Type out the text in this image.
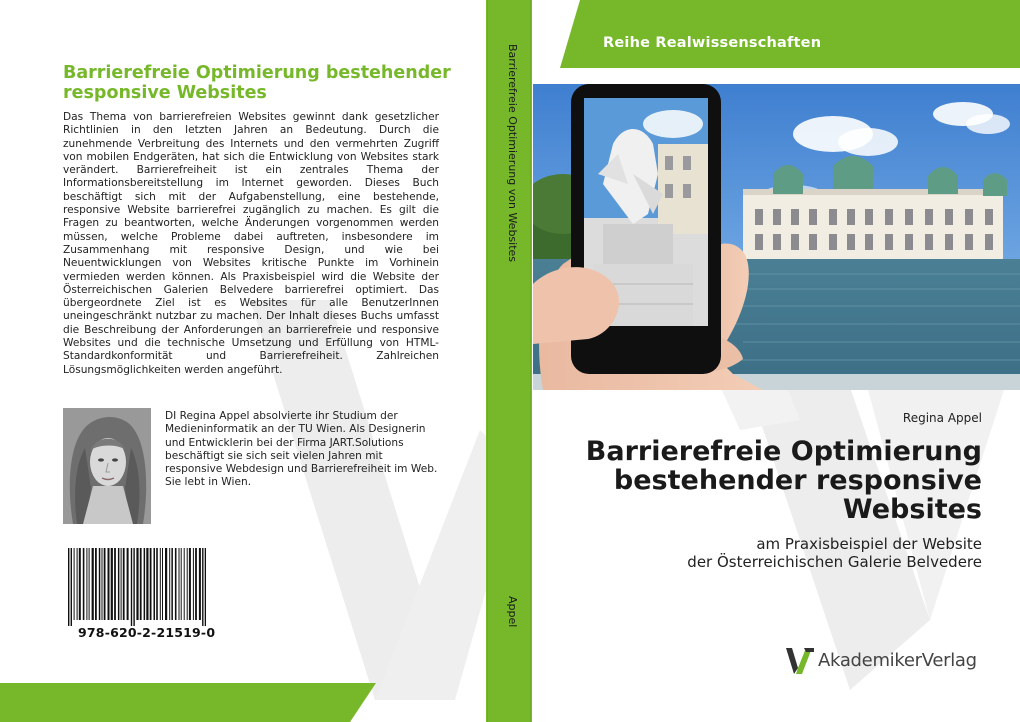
Barrierefreie Optimierung bestehender responsive Websites

Das Thema von barrierefreien Websites gewinnt dank gesetzlicher Richtlinien in den letzten Jahren an Bedeutung. Durch die zunehmende Verbreitung des Internets und den vermehrten Zugriff von mobilen Endgeräten, hat sich die Entwicklung von Websites stark verändert. Barrierefreiheit ist ein zentrales Thema der Informationsbereitstellung im Internet geworden. Dieses Buch beschäftigt sich mit der Aufgabenstellung, eine bestehende, responsive Website barrierefrei zugänglich zu machen. Es gilt die Fragen zu beantworten, welche Änderungen vorgenommen werden müssen, welche Probleme dabei auftreten, insbesondere im Zusammenhang mit responsive Design, und wie bei Neuentwicklungen von Websites kritische Punkte im Vorhinein vermieden werden können. Als Praxisbeispiel wird die Website der Österreichischen Galerien Belvedere barrierefrei optimiert. Das übergeordnete Ziel ist es Websites für alle BenutzerInnen uneingeschränkt nutzbar zu machen. Der Inhalt dieses Buchs umfasst die Beschreibung der Anforderungen an barrierefreie und responsive Websites und die technische Umsetzung und Erfüllung von HTML-Standardkonformität und Barrierefreiheit. Zahlreichen Lösungsmöglichkeiten werden angeführt.

DI Regina Appel absolvierte ihr Studium der Medieninformatik an der TU Wien. Als Designerin und Entwicklerin bei der Firma JART.Solutions beschäftigt sie sich seit vielen Jahren mit responsive Webdesign und Barrierefreiheit im Web. Sie lebt in Wien.

978-620-2-21519-0
Barrierefreie Optimierung von Websites
Appel
Reihe Realwissenschaften
Regina Appel
Barrierefreie Optimierung bestehender responsive Websites
am Praxisbeispiel der Website
der Österreichischen Galerie Belvedere
AkademikerVerlag
